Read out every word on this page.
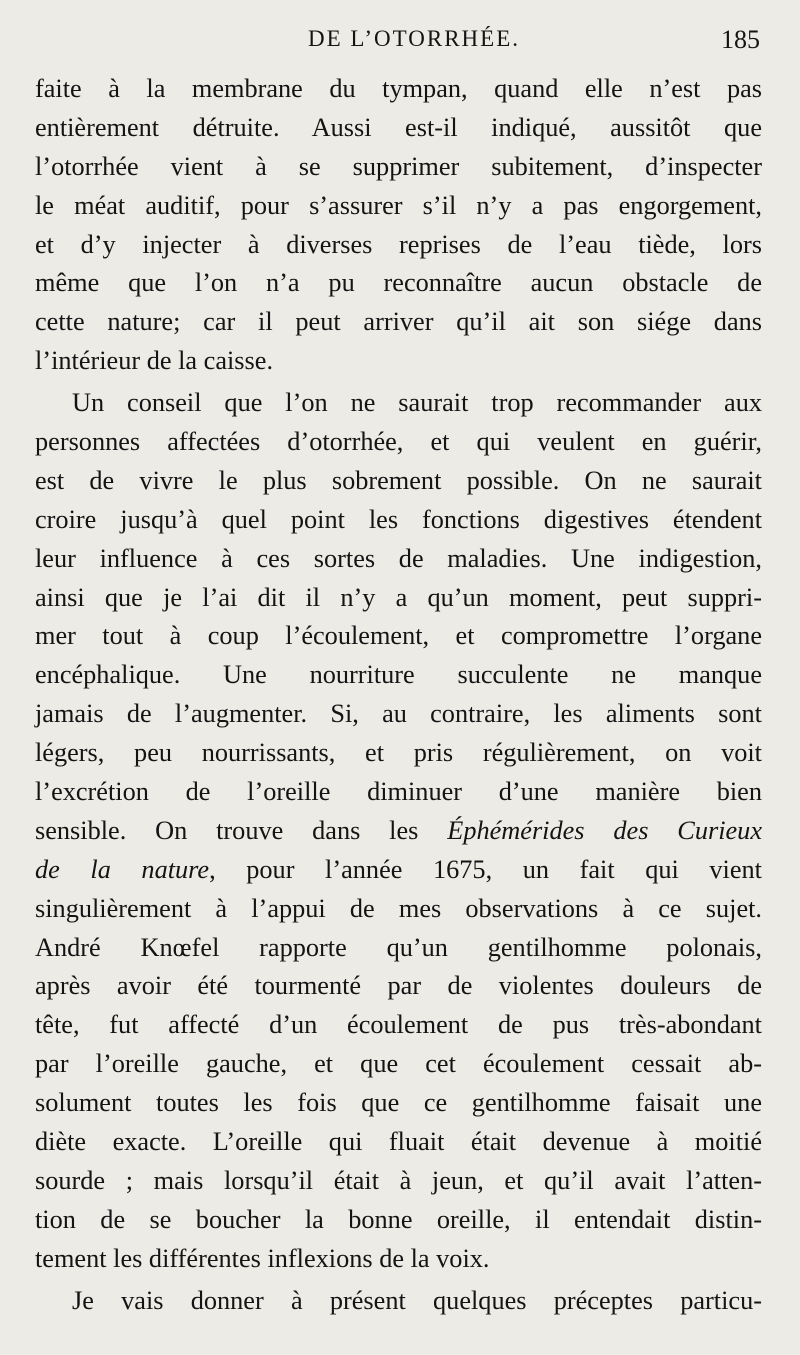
DE L’OTORRHÉE.	185
faite à la membrane du tympan, quand elle n’est pas
entièrement détruite. Aussi est-il indiqué, aussitôt que
l’otorrhée vient à se supprimer subitement, d’inspecter
le méat auditif, pour s’assurer s’il n’y a pas engorgement,
et d’y injecter à diverses reprises de l’eau tiède, lors
même que l’on n’a pu reconnaître aucun obstacle de
cette nature; car il peut arriver qu’il ait son siége dans
l’intérieur de la caisse.
Un conseil que l’on ne saurait trop recommander aux
personnes affectées d’otorrhée, et qui veulent en guérir,
est de vivre le plus sobrement possible. On ne saurait
croire jusqu’à quel point les fonctions digestives étendent
leur influence à ces sortes de maladies. Une indigestion,
ainsi que je l’ai dit il n’y a qu’un moment, peut suppri-
mer tout à coup l’écoulement, et compromettre l’organe
encéphalique. Une nourriture succulente ne manque
jamais de l’augmenter. Si, au contraire, les aliments sont
légers, peu nourrissants, et pris régulièrement, on voit
l’excrétion de l’oreille diminuer d’une manière bien
sensible. On trouve dans les Éphémérides des Curieux
de la nature, pour l’année 1675, un fait qui vient
singulièrement à l’appui de mes observations à ce sujet.
André Knœfel rapporte qu’un gentilhomme polonais,
après avoir été tourmenté par de violentes douleurs de
tête, fut affecté d’un écoulement de pus très-abondant
par l’oreille gauche, et que cet écoulement cessait ab-
solument toutes les fois que ce gentilhomme faisait une
diète exacte. L’oreille qui fluait était devenue à moitié
sourde ; mais lorsqu’il était à jeun, et qu’il avait l’atten-
tion de se boucher la bonne oreille, il entendait distin-
tement les différentes inflexions de la voix.
Je vais donner à présent quelques préceptes particu-
